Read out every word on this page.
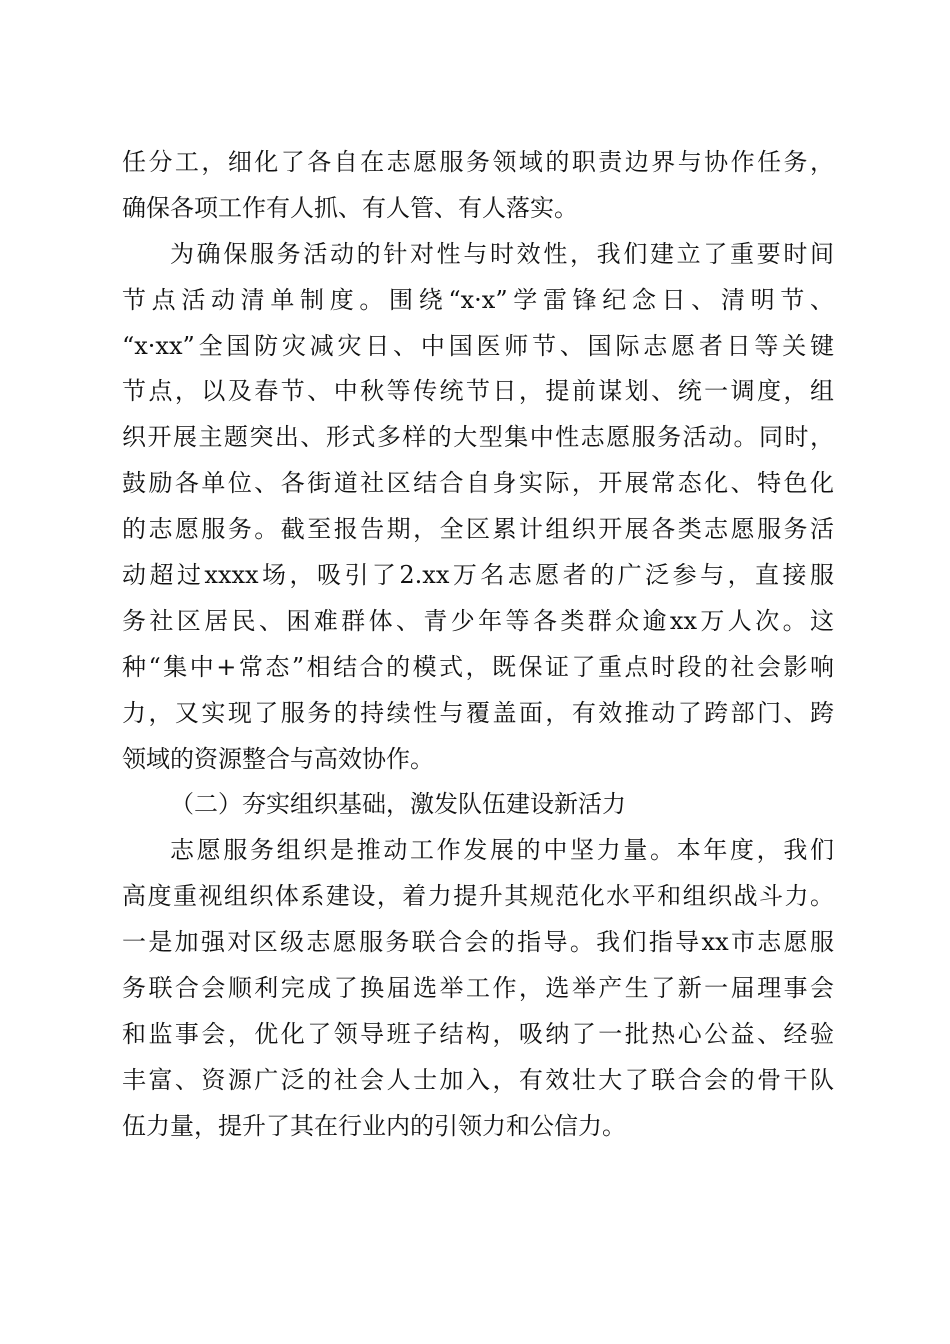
任分工，细化了各自在志愿服务领域的职责边界与协作任务，
确保各项工作有人抓、有人管、有人落实。
为确保服务活动的针对性与时效性，我们建立了重要时间
节点活动清单制度。围绕“x·x”学雷锋纪念日、清明节、
“x·xx”全国防灾减灾日、中国医师节、国际志愿者日等关键
节点，以及春节、中秋等传统节日，提前谋划、统一调度，组
织开展主题突出、形式多样的大型集中性志愿服务活动。同时，
鼓励各单位、各街道社区结合自身实际，开展常态化、特色化
的志愿服务。截至报告期，全区累计组织开展各类志愿服务活
动超过xxxx场，吸引了2.xx万名志愿者的广泛参与，直接服
务社区居民、困难群体、青少年等各类群众逾xx万人次。这
种“集中+常态”相结合的模式，既保证了重点时段的社会影响
力，又实现了服务的持续性与覆盖面，有效推动了跨部门、跨
领域的资源整合与高效协作。
（二）夯实组织基础，激发队伍建设新活力
志愿服务组织是推动工作发展的中坚力量。本年度，我们
高度重视组织体系建设，着力提升其规范化水平和组织战斗力。
一是加强对区级志愿服务联合会的指导。我们指导xx市志愿服
务联合会顺利完成了换届选举工作，选举产生了新一届理事会
和监事会，优化了领导班子结构，吸纳了一批热心公益、经验
丰富、资源广泛的社会人士加入，有效壮大了联合会的骨干队
伍力量，提升了其在行业内的引领力和公信力。
